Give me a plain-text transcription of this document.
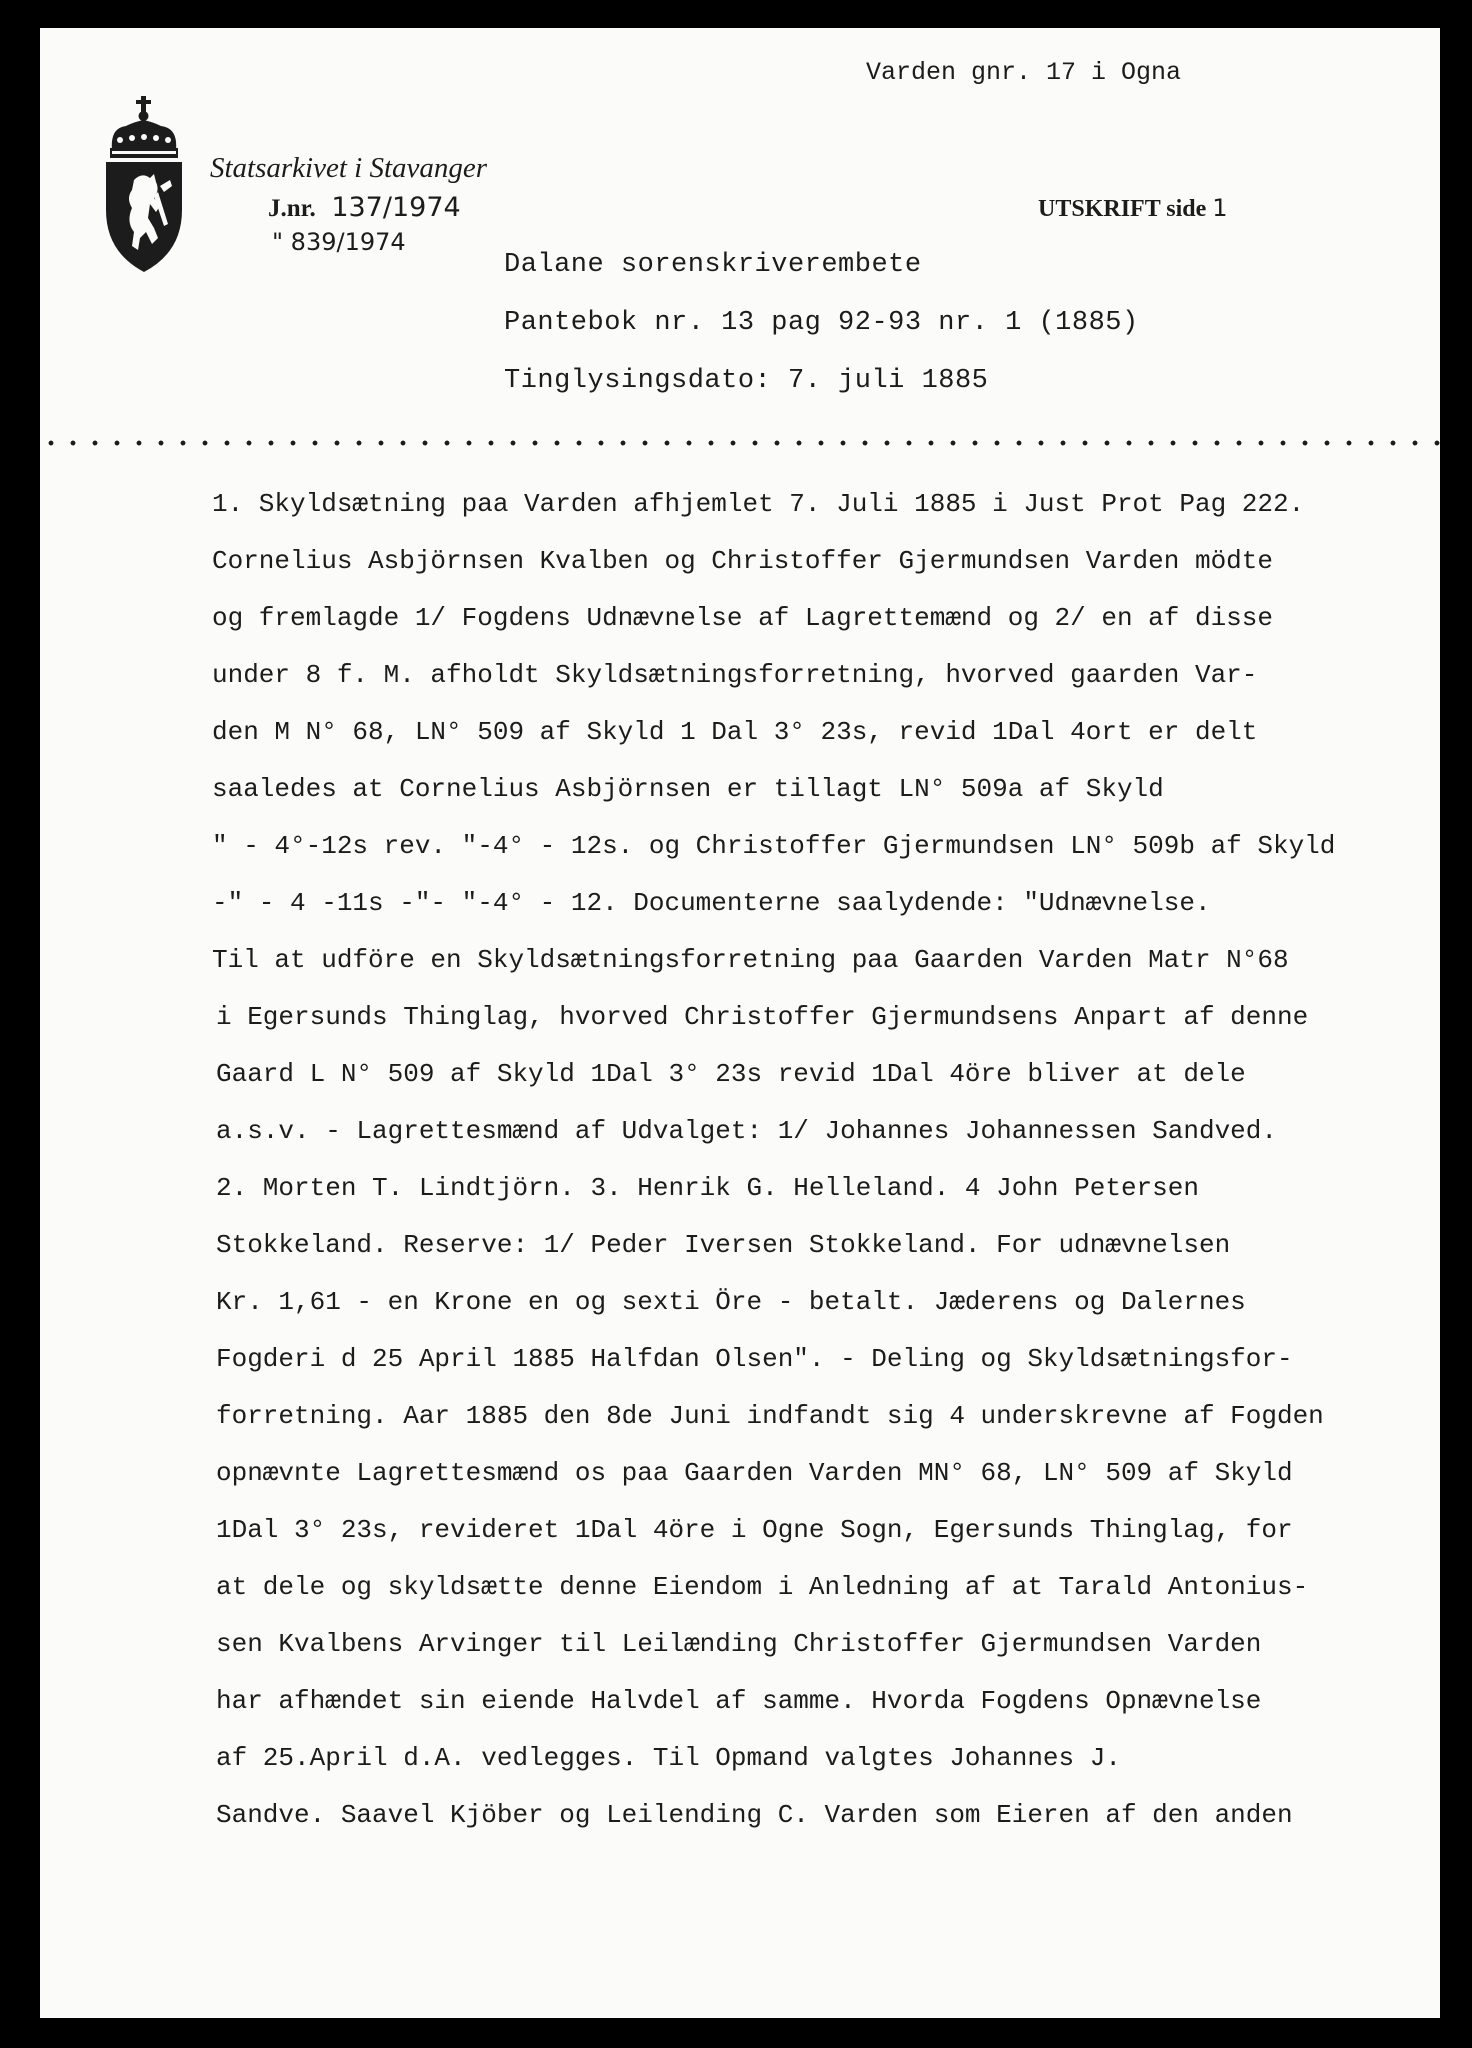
Varden gnr. 17 i Ogna
Statsarkivet i Stavanger
J.nr. 137/1974
" 839/1974
UTSKRIFT side 1
Dalane sorenskriverembete
Pantebok nr. 13 pag 92-93 nr. 1 (1885)
Tinglysingsdato: 7. juli 1885
1. Skyldsætning paa Varden afhjemlet 7. Juli 1885 i Just Prot Pag 222.
Cornelius Asbjörnsen Kvalben og Christoffer Gjermundsen Varden mödte
og fremlagde 1/ Fogdens Udnævnelse af Lagrettemænd og 2/ en af disse
under 8 f. M. afholdt Skyldsætningsforretning, hvorved gaarden Var-
den M N° 68, LN° 509 af Skyld 1 Dal 3° 23s, revid 1Dal 4ort er delt
saaledes at Cornelius Asbjörnsen er tillagt LN° 509a af Skyld
" - 4°-12s rev. "-4° - 12s. og Christoffer Gjermundsen LN° 509b af Skyld
-" - 4 -11s -"- "-4° - 12. Documenterne saalydende: "Udnævnelse.
Til at udföre en Skyldsætningsforretning paa Gaarden Varden Matr N°68
i Egersunds Thinglag, hvorved Christoffer Gjermundsens Anpart af denne
Gaard L N° 509 af Skyld 1Dal 3° 23s revid 1Dal 4öre bliver at dele
a.s.v. - Lagrettesmænd af Udvalget: 1/ Johannes Johannessen Sandved.
2. Morten T. Lindtjörn. 3. Henrik G. Helleland. 4 John Petersen
Stokkeland. Reserve: 1/ Peder Iversen Stokkeland. For udnævnelsen
Kr. 1,61 - en Krone en og sexti Öre - betalt. Jæderens og Dalernes
Fogderi d 25 April 1885 Halfdan Olsen". - Deling og Skyldsætningsfor-
forretning. Aar 1885 den 8de Juni indfandt sig 4 underskrevne af Fogden
opnævnte Lagrettesmænd os paa Gaarden Varden MN° 68, LN° 509 af Skyld
1Dal 3° 23s, revideret 1Dal 4öre i Ogne Sogn, Egersunds Thinglag, for
at dele og skyldsætte denne Eiendom i Anledning af at Tarald Antonius-
sen Kvalbens Arvinger til Leilænding Christoffer Gjermundsen Varden
har afhændet sin eiende Halvdel af samme. Hvorda Fogdens Opnævnelse
af 25.April d.A. vedlegges. Til Opmand valgtes Johannes J.
Sandve. Saavel Kjöber og Leilending C. Varden som Eieren af den anden
